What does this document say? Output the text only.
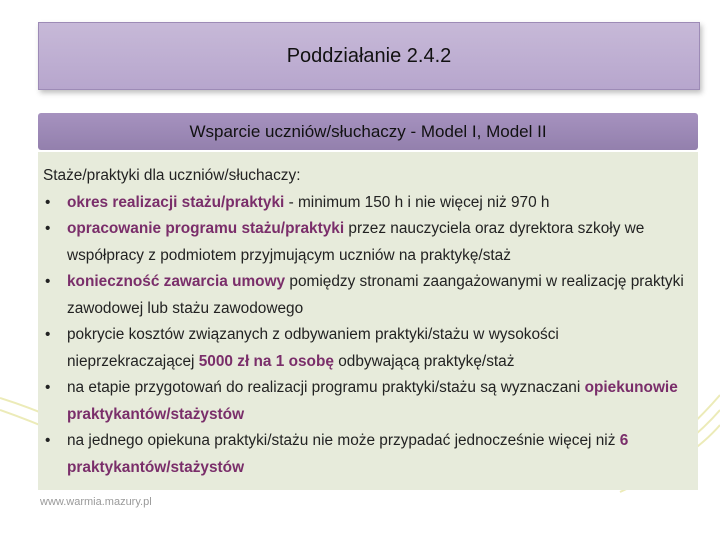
Poddziałanie 2.4.2
Wsparcie uczniów/słuchaczy - Model I, Model II

Staże/praktyki dla uczniów/słuchaczy:

• okres realizacji stażu/praktyki - minimum 150 h i nie więcej niż 970 h
• opracowanie programu stażu/praktyki przez nauczyciela oraz dyrektora szkoły we współpracy z podmiotem przyjmującym uczniów na praktykę/staż
• konieczność zawarcia umowy pomiędzy stronami zaangażowanymi w realizację praktyki zawodowej lub stażu zawodowego
• pokrycie kosztów związanych z odbywaniem praktyki/stażu w wysokości nieprzekraczającej 5000 zł na 1 osobę odbywającą praktykę/staż
• na etapie przygotowań do realizacji programu praktyki/stażu są wyznaczani opiekunowie praktykantów/stażystów
• na jednego opiekuna praktyki/stażu nie może przypadać jednocześnie więcej niż 6 praktykantów/stażystów
www.warmia.mazury.pl
